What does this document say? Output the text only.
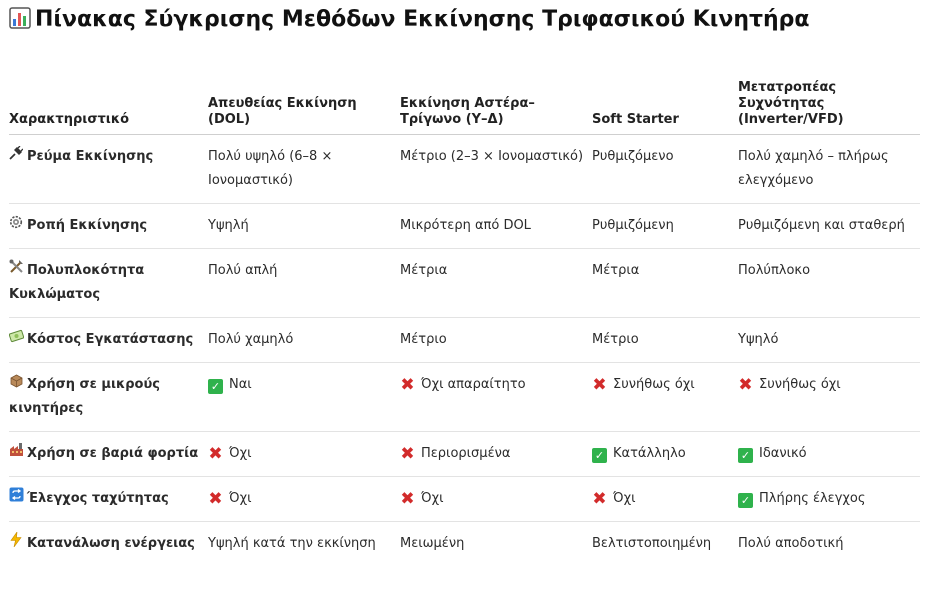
Πίνακας Σύγκρισης Μεθόδων Εκκίνησης Τριφασικού Κινητήρα
Χαρακτηριστικό	Απευθείας Εκκίνηση (DOL)	Εκκίνηση Αστέρα–Τρίγωνο (Υ–Δ)	Soft Starter	Μετατροπέας Συχνότητας (Inverter/VFD)
Ρεύμα Εκκίνησης	Πολύ υψηλό (6–8 × Ιονομαστικό)	Μέτριο (2–3 × Ιονομαστικό)	Ρυθμιζόμενο	Πολύ χαμηλό – πλήρως ελεγχόμενο
Ροπή Εκκίνησης	Υψηλή	Μικρότερη από DOL	Ρυθμιζόμενη	Ρυθμιζόμενη και σταθερή
Πολυπλοκότητα Κυκλώματος	Πολύ απλή	Μέτρια	Μέτρια	Πολύπλοκο
Κόστος Εγκατάστασης	Πολύ χαμηλό	Μέτριο	Μέτριο	Υψηλό
Χρήση σε μικρούς κινητήρες	✓ Ναι	✖ Όχι απαραίτητο	✖ Συνήθως όχι	✖ Συνήθως όχι
Χρήση σε βαριά φορτία	✖ Όχι	✖ Περιορισμένα	✓ Κατάλληλο	✓ Ιδανικό
Έλεγχος ταχύτητας	✖ Όχι	✖ Όχι	✖ Όχι	✓ Πλήρης έλεγχος
Κατανάλωση ενέργειας	Υψηλή κατά την εκκίνηση	Μειωμένη	Βελτιστοποιημένη	Πολύ αποδοτική
